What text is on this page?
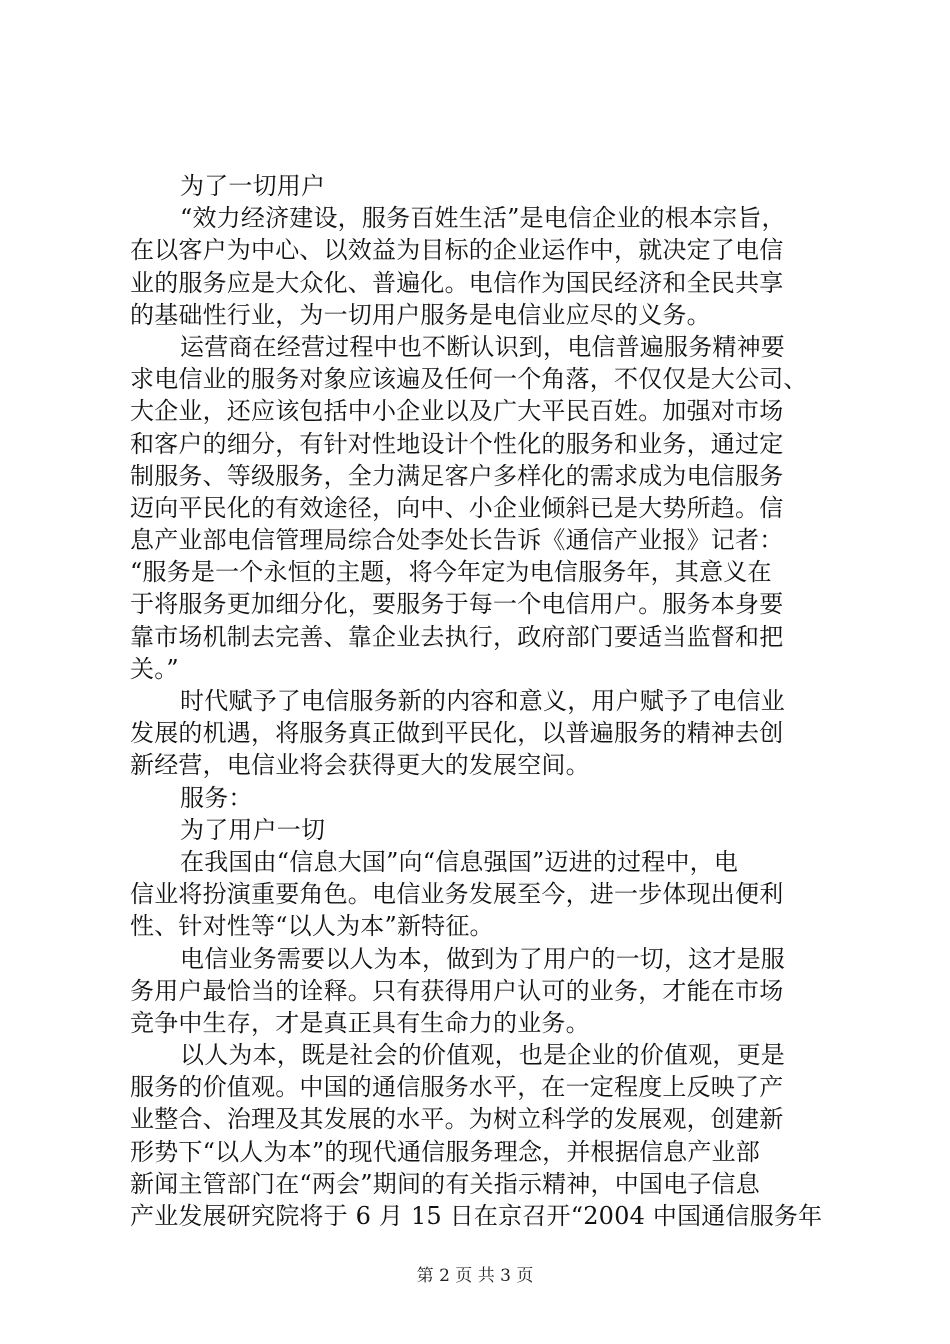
为了一切用户
“效力经济建设，服务百姓生活”是电信企业的根本宗旨，
在以客户为中心、以效益为目标的企业运作中，就决定了电信
业的服务应是大众化、普遍化。电信作为国民经济和全民共享
的基础性行业，为一切用户服务是电信业应尽的义务。
运营商在经营过程中也不断认识到，电信普遍服务精神要
求电信业的服务对象应该遍及任何一个角落，不仅仅是大公司、
大企业，还应该包括中小企业以及广大平民百姓。加强对市场
和客户的细分，有针对性地设计个性化的服务和业务，通过定
制服务、等级服务，全力满足客户多样化的需求成为电信服务
迈向平民化的有效途径，向中、小企业倾斜已是大势所趋。信
息产业部电信管理局综合处李处长告诉《通信产业报》记者：
“服务是一个永恒的主题，将今年定为电信服务年，其意义在
于将服务更加细分化，要服务于每一个电信用户。服务本身要
靠市场机制去完善、靠企业去执行，政府部门要适当监督和把
关。”
时代赋予了电信服务新的内容和意义，用户赋予了电信业
发展的机遇，将服务真正做到平民化，以普遍服务的精神去创
新经营，电信业将会获得更大的发展空间。
服务：
为了用户一切
在我国由“信息大国”向“信息强国”迈进的过程中，电
信业将扮演重要角色。电信业务发展至今，进一步体现出便利
性、针对性等“以人为本”新特征。
电信业务需要以人为本，做到为了用户的一切，这才是服
务用户最恰当的诠释。只有获得用户认可的业务，才能在市场
竞争中生存，才是真正具有生命力的业务。
以人为本，既是社会的价值观，也是企业的价值观，更是
服务的价值观。中国的通信服务水平，在一定程度上反映了产
业整合、治理及其发展的水平。为树立科学的发展观，创建新
形势下“以人为本”的现代通信服务理念，并根据信息产业部
新闻主管部门在“两会”期间的有关指示精神，中国电子信息
产业发展研究院将于 6 月 15 日在京召开“2004 中国通信服务年
第 2 页 共 3 页
